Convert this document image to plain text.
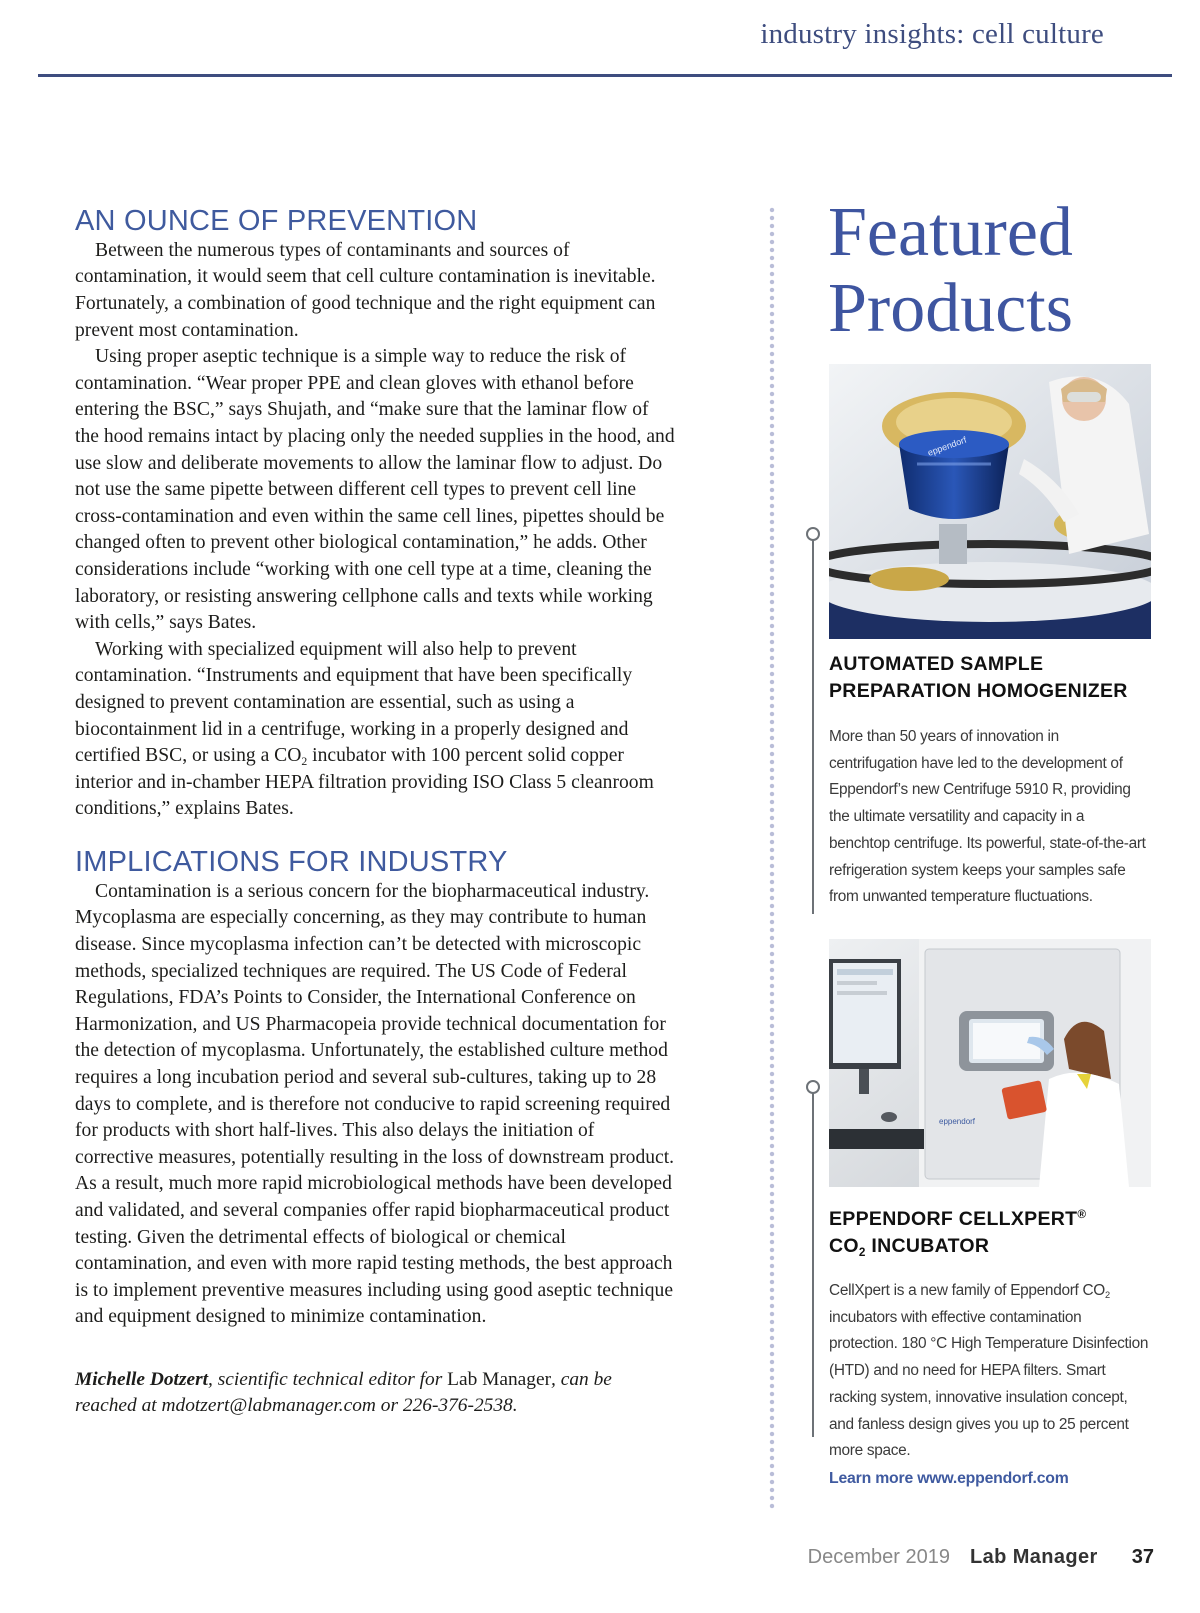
industry insights: cell culture
AN OUNCE OF PREVENTION

Between the numerous types of contaminants and sources of contamination, it would seem that cell culture contamination is inevitable. Fortunately, a combination of good technique and the right equipment can prevent most contamination.

Using proper aseptic technique is a simple way to reduce the risk of contamination. “Wear proper PPE and clean gloves with ethanol before entering the BSC,” says Shujath, and “make sure that the laminar flow of the hood remains intact by placing only the needed supplies in the hood, and use slow and deliberate movements to allow the laminar flow to adjust. Do not use the same pipette between different cell types to prevent cell line cross-contamination and even within the same cell lines, pipettes should be changed often to prevent other biological contamination,” he adds. Other considerations include “working with one cell type at a time, cleaning the laboratory, or resisting answering cellphone calls and texts while working with cells,” says Bates.

Working with specialized equipment will also help to prevent contamination. “Instruments and equipment that have been specifically designed to prevent contamination are essential, such as using a biocontainment lid in a centrifuge, working in a properly designed and certified BSC, or using a $CO_2$ incubator with 100 percent solid copper interior and in-chamber HEPA filtration providing ISO Class 5 cleanroom conditions,” explains Bates.

IMPLICATIONS FOR INDUSTRY

Contamination is a serious concern for the biopharmaceutical industry. Mycoplasma are especially concerning, as they may contribute to human disease. Since mycoplasma infection can’t be detected with microscopic methods, specialized techniques are required. The US Code of Federal Regulations, FDA’s Points to Consider, the International Conference on Harmonization, and US Pharmacopeia provide technical documentation for the detection of mycoplasma. Unfortunately, the established culture method requires a long incubation period and several sub-cultures, taking up to 28 days to complete, and is therefore not conducive to rapid screening required for products with short half-lives. This also delays the initiation of corrective measures, potentially resulting in the loss of downstream product. As a result, much more rapid microbiological methods have been developed and validated, and several companies offer rapid biopharmaceutical product testing. Given the detrimental effects of biological or chemical contamination, and even with more rapid testing methods, the best approach is to implement preventive measures including using good aseptic technique and equipment designed to minimize contamination.

Michelle Dotzert, scientific technical editor for Lab Manager, can be reached at mdotzert@labmanager.com or 226-376-2538.

Featured Products
eppendorf
AUTOMATED SAMPLE PREPARATION HOMOGENIZER

More than 50 years of innovation in centrifugation have led to the development of Eppendorf’s new Centrifuge 5910 R, providing the ultimate versatility and capacity in a benchtop centrifuge. Its powerful, state-of-the-art refrigeration system keeps your samples safe from unwanted temperature fluctuations.

eppendorf
EPPENDORF CELLXPERT®
$CO_2$ INCUBATOR

CellXpert is a new family of Eppendorf $CO_2$ incubators with effective contamination protection. 180 °C High Temperature Disinfection (HTD) and no need for HEPA filters. Smart racking system, innovative insulation concept, and fanless design gives you up to 25 percent more space.

Learn more www.eppendorf.com
December 2019 Lab Manager 37
